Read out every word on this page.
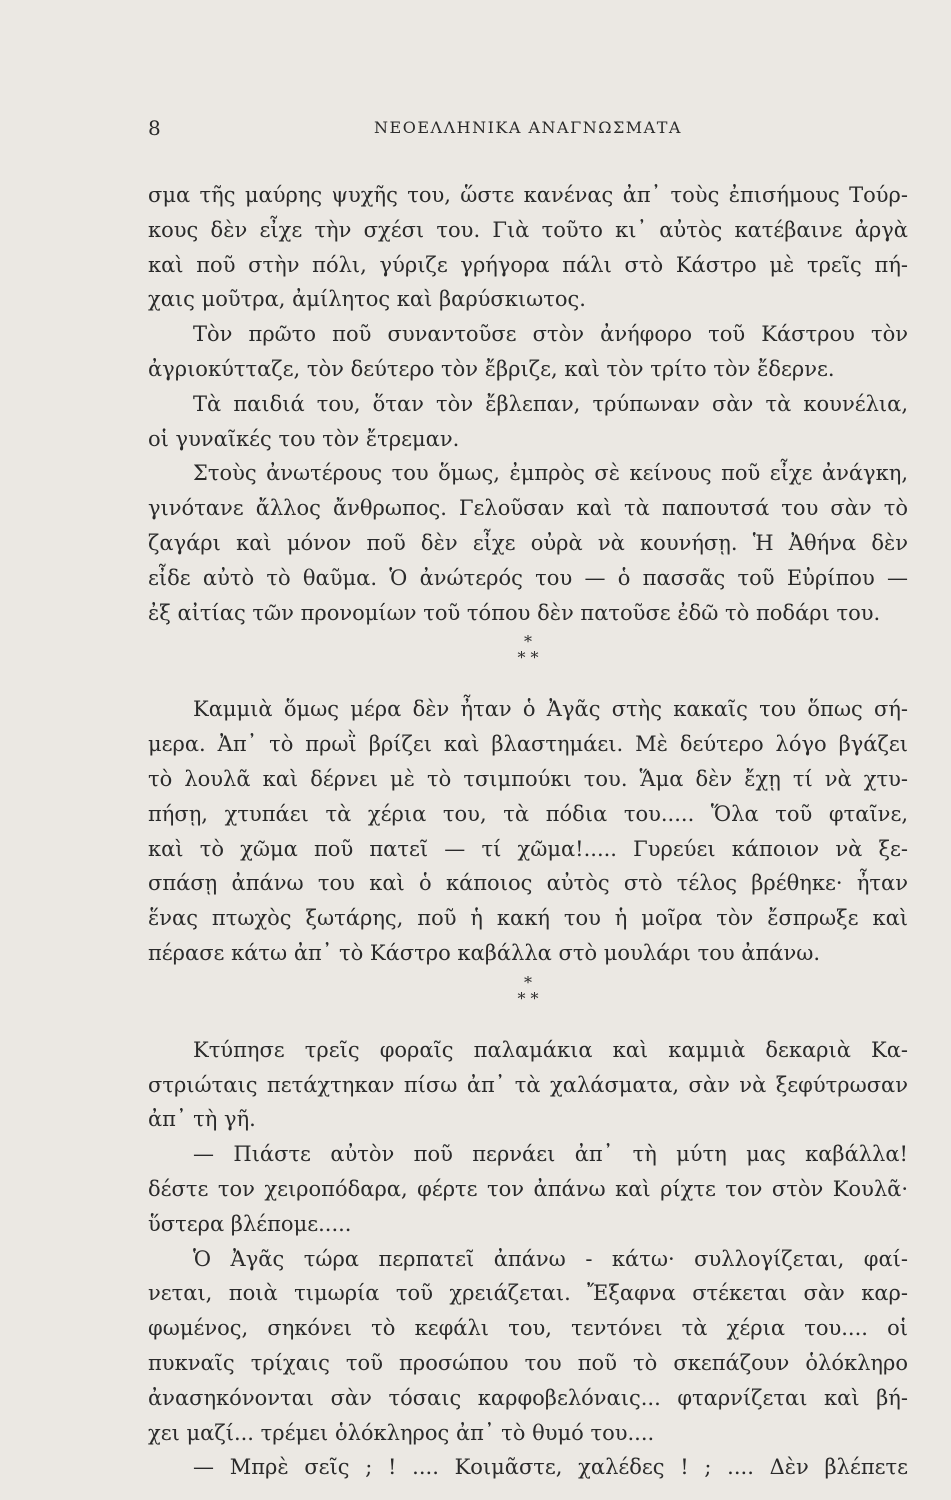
8	ΝΕΟΕΛΛΗΝΙΚΑ ΑΝΑΓΝΩΣΜΑΤΑ
σμα τῆς μαύρης ψυχῆς του, ὥστε κανένας ἀπ᾽ τοὺς ἐπισήμους Τούρ-
κους δὲν εἶχε τὴν σχέσι του. Γιὰ τοῦτο κι᾽ αὐτὸς κατέβαινε ἀργὰ
καὶ ποῦ στὴν πόλι, γύριζε γρήγορα πάλι στὸ Κάστρο μὲ τρεῖς πή-
χαις μοῦτρα, ἀμίλητος καὶ βαρύσκιωτος.
Τὸν πρῶτο ποῦ συναντοῦσε στὸν ἀνήφορο τοῦ Κάστρου τὸν
ἀγριοκύτταζε, τὸν δεύτερο τὸν ἔβριζε, καὶ τὸν τρίτο τὸν ἔδερνε.
Τὰ παιδιά του, ὅταν τὸν ἔβλεπαν, τρύπωναν σὰν τὰ κουνέλια,
οἱ γυναῖκές του τὸν ἔτρεμαν.
Στοὺς ἀνωτέρους του ὅμως, ἐμπρὸς σὲ κείνους ποῦ εἶχε ἀνάγκη,
γινότανε ἄλλος ἄνθρωπος. Γελοῦσαν καὶ τὰ παπουτσά του σὰν τὸ
ζαγάρι καὶ μόνον ποῦ δὲν εἶχε οὐρὰ νὰ κουνήσῃ. Ἡ Ἀθήνα δὲν
εἶδε αὐτὸ τὸ θαῦμα. Ὁ ἀνώτερός του — ὁ πασσᾶς τοῦ Εὐρίπου —
ἐξ αἰτίας τῶν προνομίων τοῦ τόπου δὲν πατοῦσε ἐδῶ τὸ ποδάρι του.
*
* *
Καμμιὰ ὅμως μέρα δὲν ἦταν ὁ Ἀγᾶς στὴς κακαῖς του ὅπως σή-
μερα. Ἀπ᾽ τὸ πρωῒ βρίζει καὶ βλαστημάει. Μὲ δεύτερο λόγο βγάζει
τὸ λουλᾶ καὶ δέρνει μὲ τὸ τσιμπούκι του. Ἅμα δὲν ἔχῃ τί νὰ χτυ-
πήσῃ, χτυπάει τὰ χέρια του, τὰ πόδια του..... Ὅλα τοῦ φταῖνε,
καὶ τὸ χῶμα ποῦ πατεῖ — τί χῶμα!..... Γυρεύει κάποιον νὰ ξε-
σπάσῃ ἀπάνω του καὶ ὁ κάποιος αὐτὸς στὸ τέλος βρέθηκε· ἦταν
ἕνας πτωχὸς ξωτάρης, ποῦ ἡ κακή του ἡ μοῖρα τὸν ἔσπρωξε καὶ
πέρασε κάτω ἀπ᾽ τὸ Κάστρο καβάλλα στὸ μουλάρι του ἀπάνω.
*
* *
Κτύπησε τρεῖς φοραῖς παλαμάκια καὶ καμμιὰ δεκαριὰ Κα-
στριώταις πετάχτηκαν πίσω ἀπ᾽ τὰ χαλάσματα, σὰν νὰ ξεφύτρωσαν
ἀπ᾽ τὴ γῆ.
— Πιάστε αὐτὸν ποῦ περνάει ἀπ᾽ τὴ μύτη μας καβάλλα!
δέστε τον χειροπόδαρα, φέρτε τον ἀπάνω καὶ ρίχτε τον στὸν Κουλᾶ·
ὕστερα βλέπομε.....
Ὁ Ἀγᾶς τώρα περπατεῖ ἀπάνω - κάτω· συλλογίζεται, φαί-
νεται, ποιὰ τιμωρία τοῦ χρειάζεται. Ἔξαφνα στέκεται σὰν καρ-
φωμένος, σηκόνει τὸ κεφάλι του, τεντόνει τὰ χέρια του.... οἱ
πυκναῖς τρίχαις τοῦ προσώπου του ποῦ τὸ σκεπάζουν ὁλόκληρο
ἀνασηκόνονται σὰν τόσαις καρφοβελόναις... φταρνίζεται καὶ βή-
χει μαζί... τρέμει ὁλόκληρος ἀπ᾽ τὸ θυμό του....
— Μπρὲ σεῖς ; ! .... Κοιμᾶστε, χαλέδες ! ; .... Δὲν βλέπετε
